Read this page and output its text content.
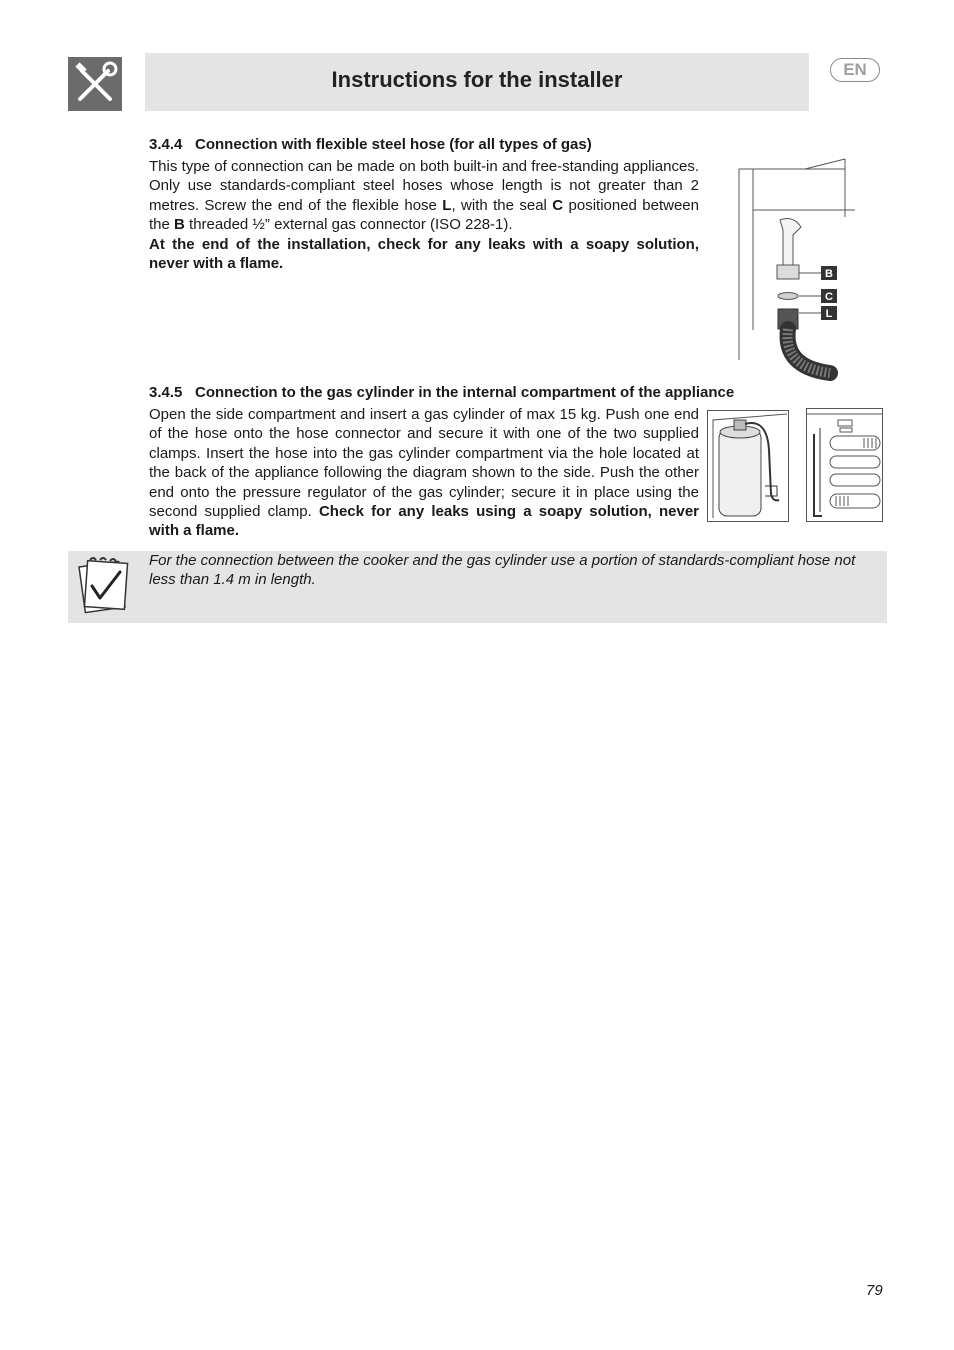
Instructions for the installer	EN
3.4.4 Connection with flexible steel hose (for all types of gas)

This type of connection can be made on both built-in and free-standing appliances. Only use standards-compliant steel hoses whose length is not greater than 2 metres. Screw the end of the flexible hose L, with the seal C positioned between the B threaded ½” external gas connector (ISO 228-1).

At the end of the installation, check for any leaks with a soapy solution, never with a flame.

B
C
L
3.4.5 Connection to the gas cylinder in the internal compartment of the appliance

Open the side compartment and insert a gas cylinder of max 15 kg. Push one end of the hose onto the hose connector and secure it with one of the two supplied clamps. Insert the hose into the gas cylinder compartment via the hole located at the back of the appliance following the diagram shown to the side. Push the other end onto the pressure regulator of the gas cylinder; secure it in place using the second supplied clamp. Check for any leaks using a soapy solution, never with a flame.

For the connection between the cooker and the gas cylinder use a portion of standards-compliant hose not less than 1.4 m in length.
79
